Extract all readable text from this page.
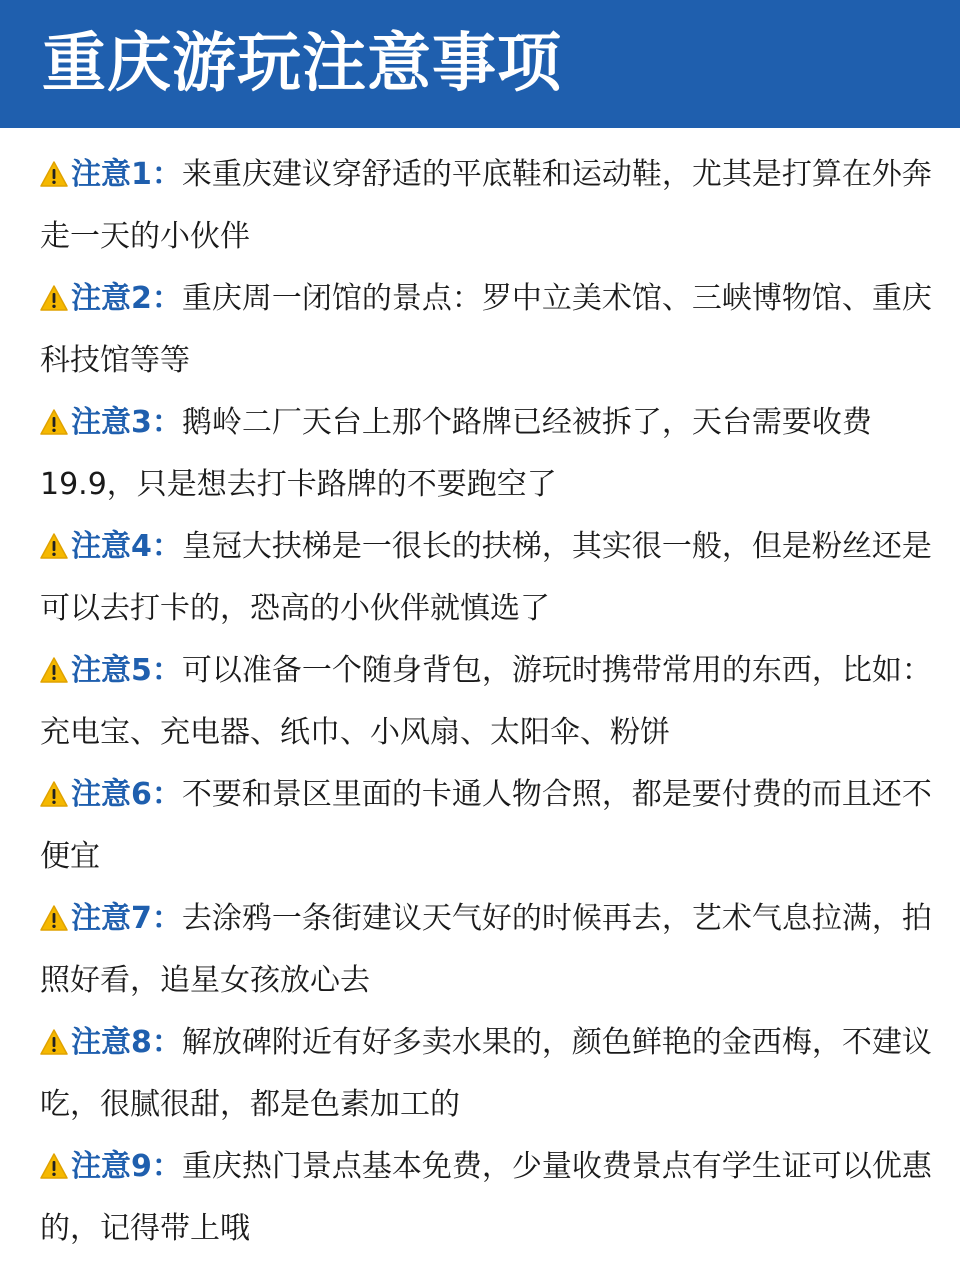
重庆游玩注意事项

注意1：来重庆建议穿舒适的平底鞋和运动鞋，尤其是打算在外奔走一天的小伙伴

注意2：重庆周一闭馆的景点：罗中立美术馆、三峡博物馆、重庆科技馆等等

注意3：鹅岭二厂天台上那个路牌已经被拆了，天台需要收费19.9，只是想去打卡路牌的不要跑空了

注意4：皇冠大扶梯是一很长的扶梯，其实很一般，但是粉丝还是可以去打卡的，恐高的小伙伴就慎选了

注意5：可以准备一个随身背包，游玩时携带常用的东西，比如：充电宝、充电器、纸巾、小风扇、太阳伞、粉饼

注意6：不要和景区里面的卡通人物合照，都是要付费的而且还不便宜

注意7：去涂鸦一条街建议天气好的时候再去，艺术气息拉满，拍照好看，追星女孩放心去

注意8：解放碑附近有好多卖水果的，颜色鲜艳的金西梅，不建议吃，很腻很甜，都是色素加工的

注意9：重庆热门景点基本免费，少量收费景点有学生证可以优惠的，记得带上哦
